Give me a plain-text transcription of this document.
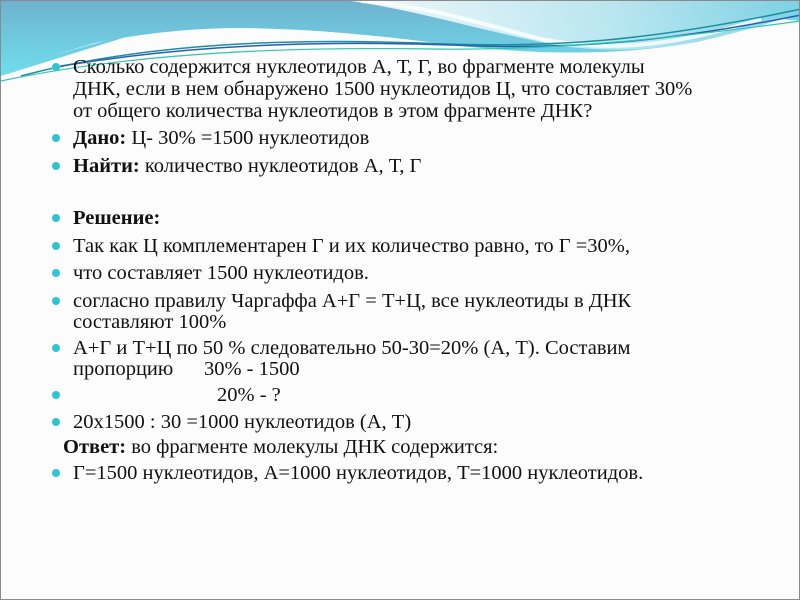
Сколько содержится нуклеотидов А, Т, Г, во фрагменте молекулы
ДНК, если в нем обнаружено 1500 нуклеотидов Ц, что составляет 30%
от общего количества нуклеотидов в этом фрагменте ДНК?
Дано: Ц- 30% =1500 нуклеотидов
Найти: количество нуклеотидов А, Т, Г
Решение:
Так как Ц комплементарен Г и их количество равно, то Г =30%,
что составляет 1500 нуклеотидов.
согласно правилу Чаргаффа А+Г = Т+Ц, все нуклеотиды в ДНК
составляют 100%
А+Г и Т+Ц по 50 % следовательно 50-30=20% (А, Т). Составим
пропорцию      30% - 1500
20% - ?
20х1500 : 30 =1000 нуклеотидов (А, Т)
Ответ: во фрагменте молекулы ДНК содержится:
Г=1500 нуклеотидов, А=1000 нуклеотидов, Т=1000 нуклеотидов.
